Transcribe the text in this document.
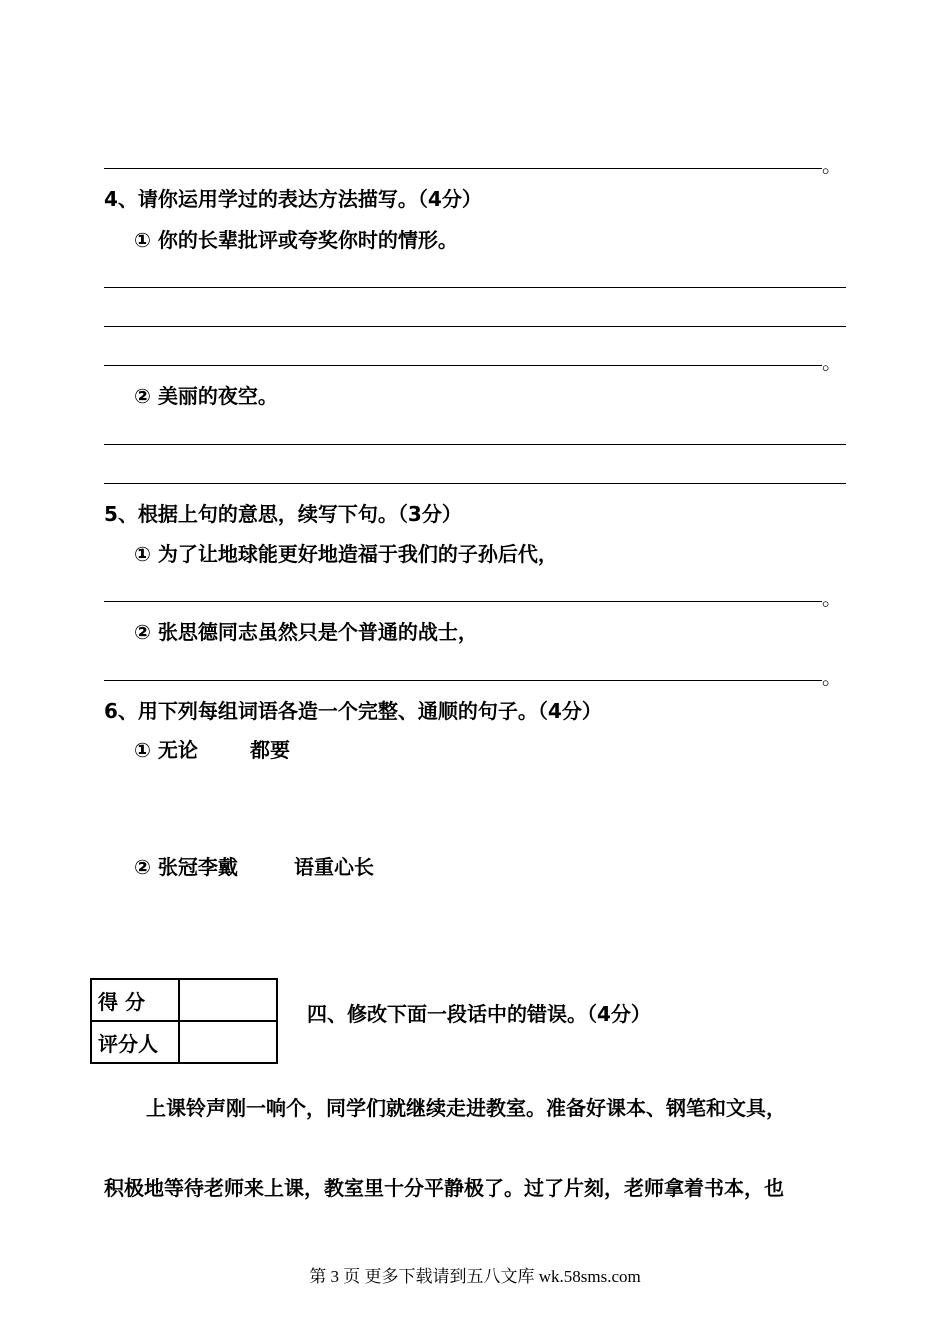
。
4、请你运用学过的表达方法描写。（4分）
① 你的长辈批评或夸奖你时的情形。
。
② 美丽的夜空。
5、根据上句的意思，续写下句。（3分）
① 为了让地球能更好地造福于我们的子孙后代，
。
② 张思德同志虽然只是个普通的战士，
。
6、用下列每组词语各造一个完整、通顺的句子。（4分）
① 无论	都要
② 张冠李戴	语重心长
得 分	
评分人	
四、修改下面一段话中的错误。（4分）
上课铃声刚一响个，同学们就继续走进教室。准备好课本、钢笔和文具，
积极地等待老师来上课，教室里十分平静极了。过了片刻，老师拿着书本，也
第 3 页 更多下载请到五八文库 wk.58sms.com
